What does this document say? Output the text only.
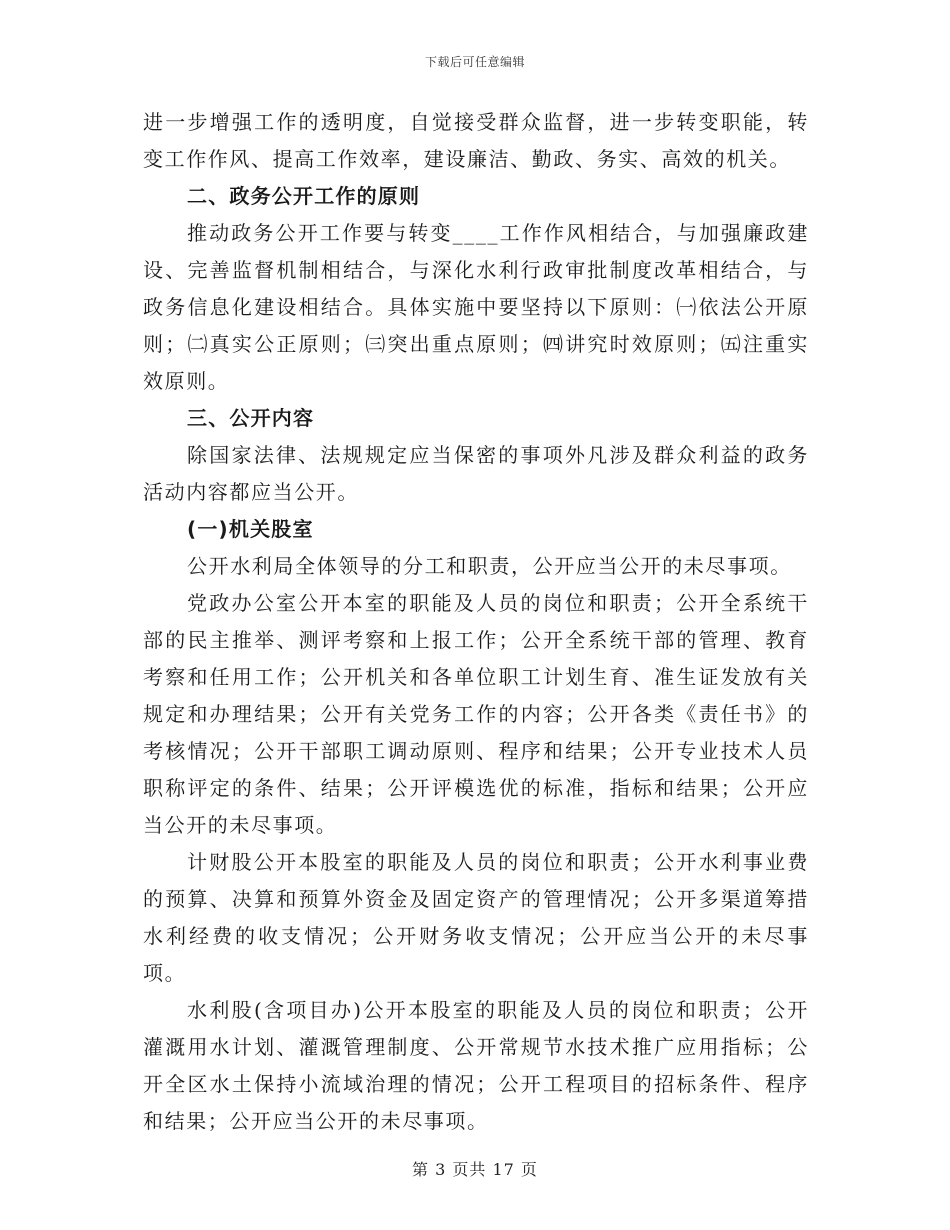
下载后可任意编辑

进一步增强工作的透明度，自觉接受群众监督，进一步转变职能，转变工作作风、提高工作效率，建设廉洁、勤政、务实、高效的机关。

二、政务公开工作的原则

推动政务公开工作要与转变____工作作风相结合，与加强廉政建设、完善监督机制相结合，与深化水利行政审批制度改革相结合，与政务信息化建设相结合。具体实施中要坚持以下原则：㈠依法公开原则；㈡真实公正原则；㈢突出重点原则；㈣讲究时效原则；㈤注重实效原则。

三、公开内容

除国家法律、法规规定应当保密的事项外凡涉及群众利益的政务活动内容都应当公开。

(一)机关股室

公开水利局全体领导的分工和职责，公开应当公开的未尽事项。

党政办公室公开本室的职能及人员的岗位和职责；公开全系统干部的民主推举、测评考察和上报工作；公开全系统干部的管理、教育考察和任用工作；公开机关和各单位职工计划生育、准生证发放有关规定和办理结果；公开有关党务工作的内容；公开各类《责任书》的考核情况；公开干部职工调动原则、程序和结果；公开专业技术人员职称评定的条件、结果；公开评模选优的标准，指标和结果；公开应当公开的未尽事项。

计财股公开本股室的职能及人员的岗位和职责；公开水利事业费的预算、决算和预算外资金及固定资产的管理情况；公开多渠道筹措水利经费的收支情况；公开财务收支情况；公开应当公开的未尽事项。

水利股(含项目办)公开本股室的职能及人员的岗位和职责；公开灌溉用水计划、灌溉管理制度、公开常规节水技术推广应用指标；公开全区水土保持小流域治理的情况；公开工程项目的招标条件、程序和结果；公开应当公开的未尽事项。

第 3 页共 17 页
